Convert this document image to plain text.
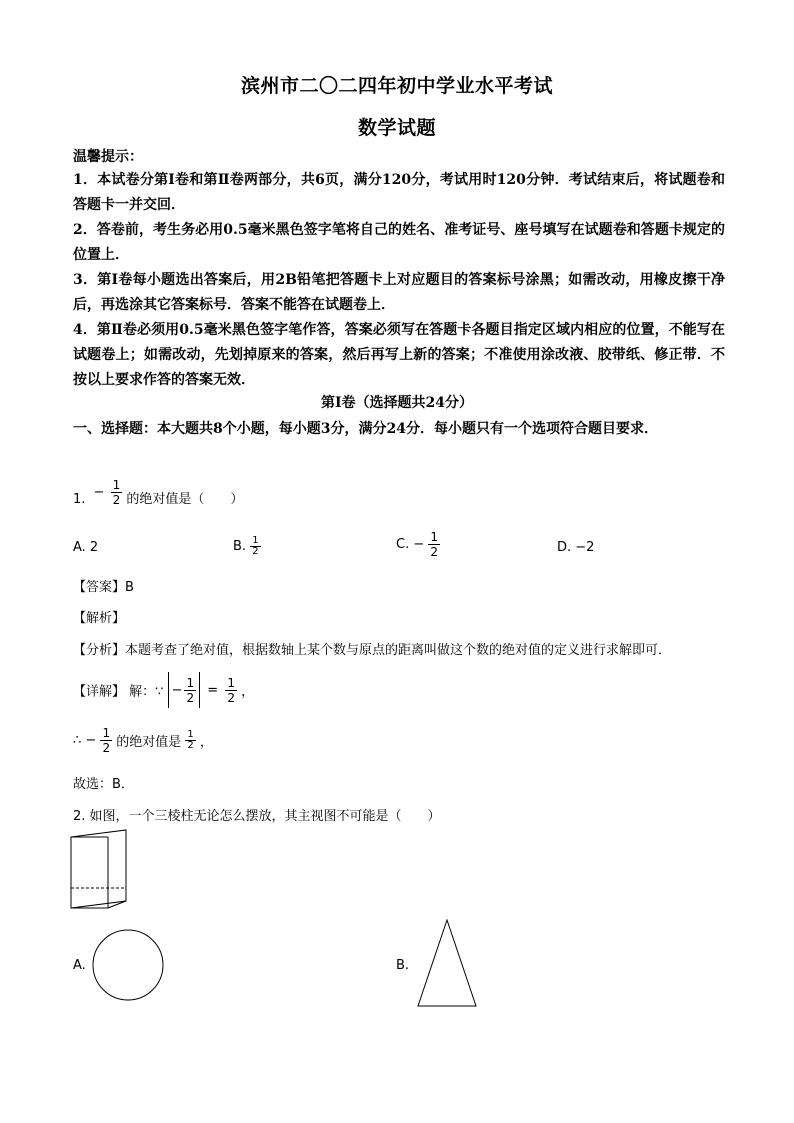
滨州市二〇二四年初中学业水平考试
数学试题

温馨提示：

1．本试卷分第Ⅰ卷和第Ⅱ卷两部分，共6页，满分120分，考试用时120分钟．考试结束后，将试题卷和答题卡一并交回．

2．答卷前，考生务必用0.5毫米黑色签字笔将自己的姓名、准考证号、座号填写在试题卷和答题卡规定的位置上．

3．第Ⅰ卷每小题选出答案后，用2B铅笔把答题卡上对应题目的答案标号涂黑；如需改动，用橡皮擦干净后，再选涂其它答案标号．答案不能答在试题卷上．

4．第Ⅱ卷必须用0.5毫米黑色签字笔作答，答案必须写在答题卡各题目指定区域内相应的位置，不能写在试题卷上；如需改动，先划掉原来的答案，然后再写上新的答案；不准使用涂改液、胶带纸、修正带．不按以上要求作答的答案无效．

第Ⅰ卷（选择题共24分）

一、选择题：本大题共8个小题，每小题3分，满分24分．每小题只有一个选项符合题目要求．

1. − $\frac{1}{2}$ 的绝对值是（　　）
A. 2	B. $\frac{1}{2}$	C. − $\frac{1}{2}$	D. −2
【答案】B
【解析】
【分析】本题考查了绝对值，根据数轴上某个数与原点的距离叫做这个数的绝对值的定义进行求解即可．
【详解】 解：∵ − $\frac{1}{2} = \frac{1}{2}$ ，
∴ − $\frac{1}{2}$ 的绝对值是 $\frac{1}{2}$ ，
故选：B．
2. 如图，一个三棱柱无论怎么摆放，其主视图不可能是（　　）
A.	B.
